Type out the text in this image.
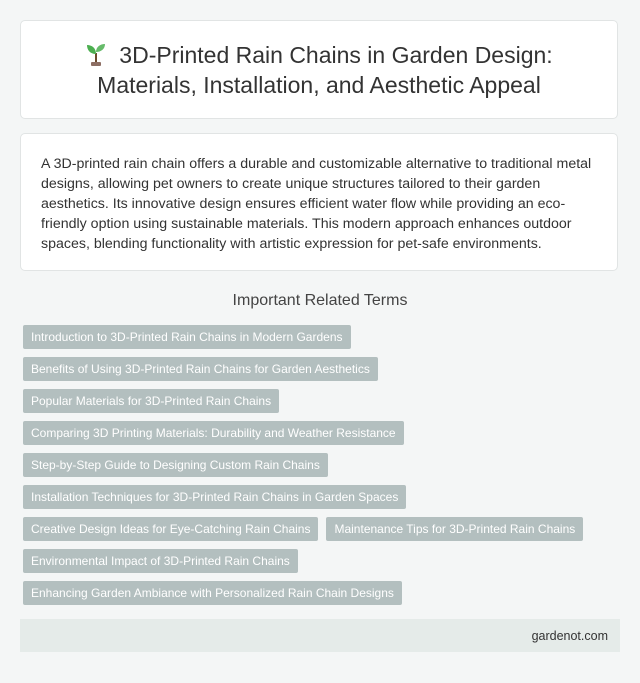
3D-Printed Rain Chains in Garden Design: Materials, Installation, and Aesthetic Appeal

A 3D-printed rain chain offers a durable and customizable alternative to traditional metal designs, allowing pet owners to create unique structures tailored to their garden aesthetics. Its innovative design ensures efficient water flow while providing an eco-friendly option using sustainable materials. This modern approach enhances outdoor spaces, blending functionality with artistic expression for pet-safe environments.

Important Related Terms
Introduction to 3D-Printed Rain Chains in Modern Gardens
Benefits of Using 3D-Printed Rain Chains for Garden Aesthetics
Popular Materials for 3D-Printed Rain Chains
Comparing 3D Printing Materials: Durability and Weather Resistance
Step-by-Step Guide to Designing Custom Rain Chains
Installation Techniques for 3D-Printed Rain Chains in Garden Spaces
Creative Design Ideas for Eye-Catching Rain Chains	Maintenance Tips for 3D-Printed Rain Chains
Environmental Impact of 3D-Printed Rain Chains
Enhancing Garden Ambiance with Personalized Rain Chain Designs
gardenot.com
